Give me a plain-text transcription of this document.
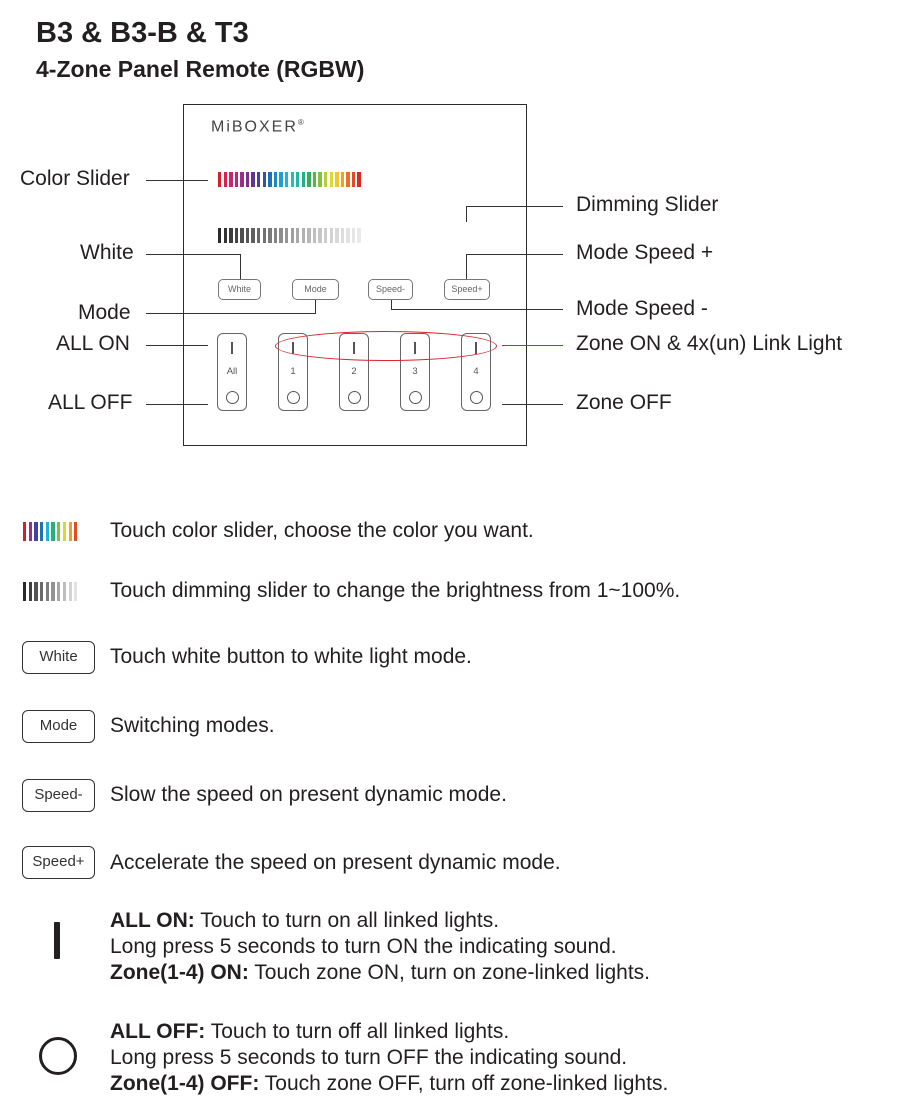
B3 & B3-B & T3
4-Zone Panel Remote (RGBW)
MiBOXER®
White	Mode	Speed-	Speed+
All	1	2	3	4
Color Slider
White
Mode
ALL ON
ALL OFF
Dimming Slider
Mode Speed +
Mode Speed -
Zone ON & 4x(un) Link Light
Zone OFF
Touch color slider, choose the color you want.
Touch dimming slider to change the brightness from 1~100%.
White	Touch white button to white light mode.
Mode	Switching modes.
Speed-	Slow the speed on present dynamic mode.
Speed+	Accelerate the speed on present dynamic mode.
ALL ON: Touch to turn on all linked lights.
Long press 5 seconds to turn ON the indicating sound.
Zone(1-4) ON: Touch zone ON, turn on zone-linked lights.
ALL OFF: Touch to turn off all linked lights.
Long press 5 seconds to turn OFF the indicating sound.
Zone(1-4) OFF: Touch zone OFF, turn off zone-linked lights.
